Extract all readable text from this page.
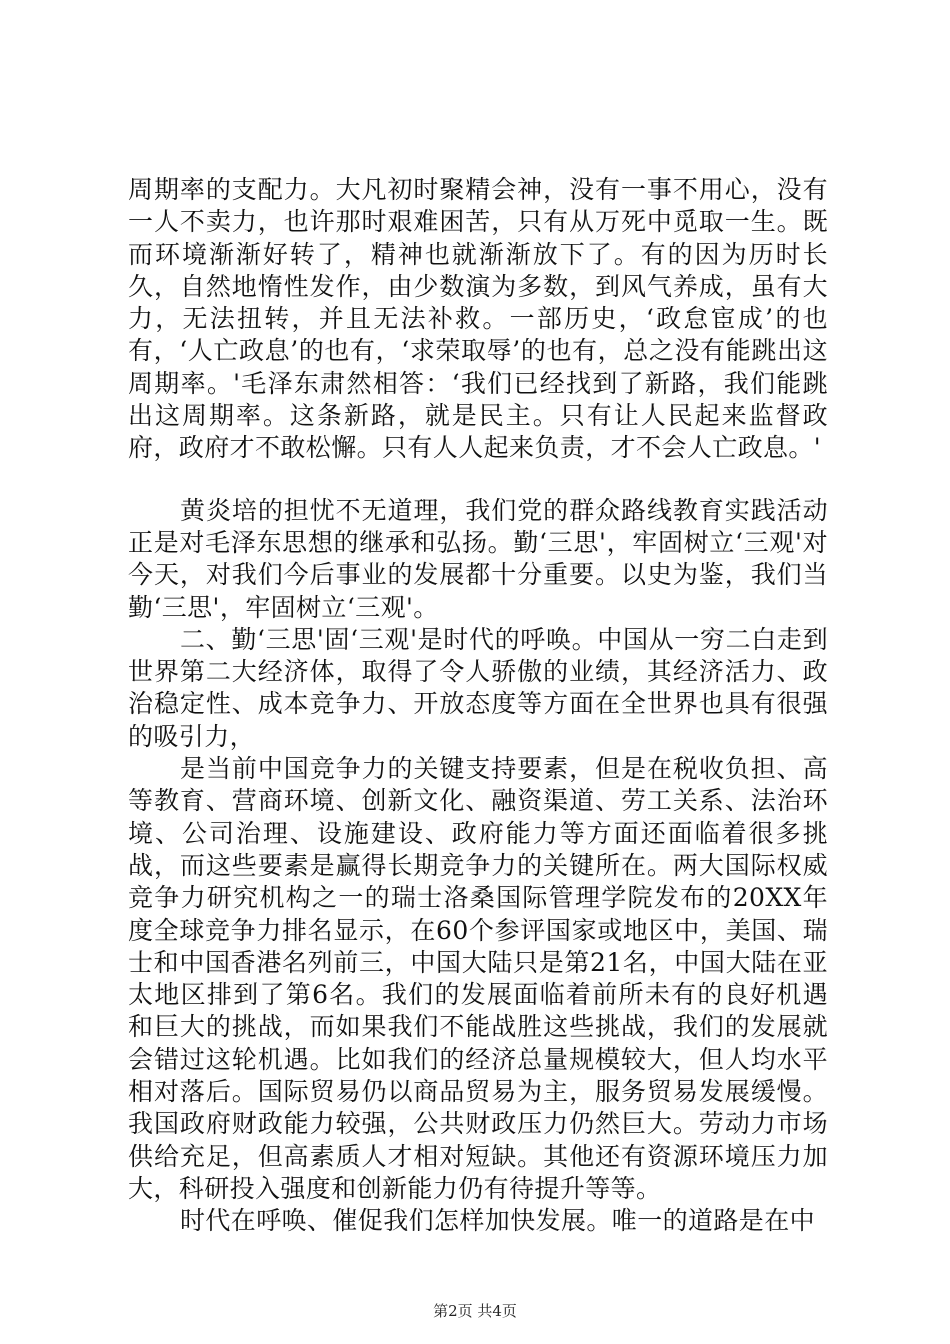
周期率的支配力。大凡初时聚精会神，没有一事不用心，没有一人不卖力，也许那时艰难困苦，只有从万死中觅取一生。既而环境渐渐好转了，精神也就渐渐放下了。有的因为历时长久，自然地惰性发作，由少数演为多数，到风气养成，虽有大力，无法扭转，并且无法补救。一部历史，‘政怠宦成’的也有，‘人亡政息’的也有，‘求荣取辱’的也有，总之没有能跳出这周期率。'毛泽东肃然相答：‘我们已经找到了新路，我们能跳出这周期率。这条新路，就是民主。只有让人民起来监督政府，政府才不敢松懈。只有人人起来负责，才不会人亡政息。'

黄炎培的担忧不无道理，我们党的群众路线教育实践活动正是对毛泽东思想的继承和弘扬。勤‘三思'，牢固树立‘三观'对今天，对我们今后事业的发展都十分重要。以史为鉴，我们当勤‘三思'，牢固树立‘三观'。

二、勤‘三思'固‘三观'是时代的呼唤。中国从一穷二白走到世界第二大经济体，取得了令人骄傲的业绩，其经济活力、政治稳定性、成本竞争力、开放态度等方面在全世界也具有很强的吸引力，

是当前中国竞争力的关键支持要素，但是在税收负担、高等教育、营商环境、创新文化、融资渠道、劳工关系、法治环境、公司治理、设施建设、政府能力等方面还面临着很多挑战，而这些要素是赢得长期竞争力的关键所在。两大国际权威竞争力研究机构之一的瑞士洛桑国际管理学院发布的20XX年度全球竞争力排名显示，在60个参评国家或地区中，美国、瑞士和中国香港名列前三，中国大陆只是第21名，中国大陆在亚太地区排到了第6名。我们的发展面临着前所未有的良好机遇和巨大的挑战，而如果我们不能战胜这些挑战，我们的发展就会错过这轮机遇。比如我们的经济总量规模较大，但人均水平相对落后。国际贸易仍以商品贸易为主，服务贸易发展缓慢。我国政府财政能力较强，公共财政压力仍然巨大。劳动力市场供给充足，但高素质人才相对短缺。其他还有资源环境压力加大，科研投入强度和创新能力仍有待提升等等。

时代在呼唤、催促我们怎样加快发展。唯一的道路是在中

第2页 共4页
